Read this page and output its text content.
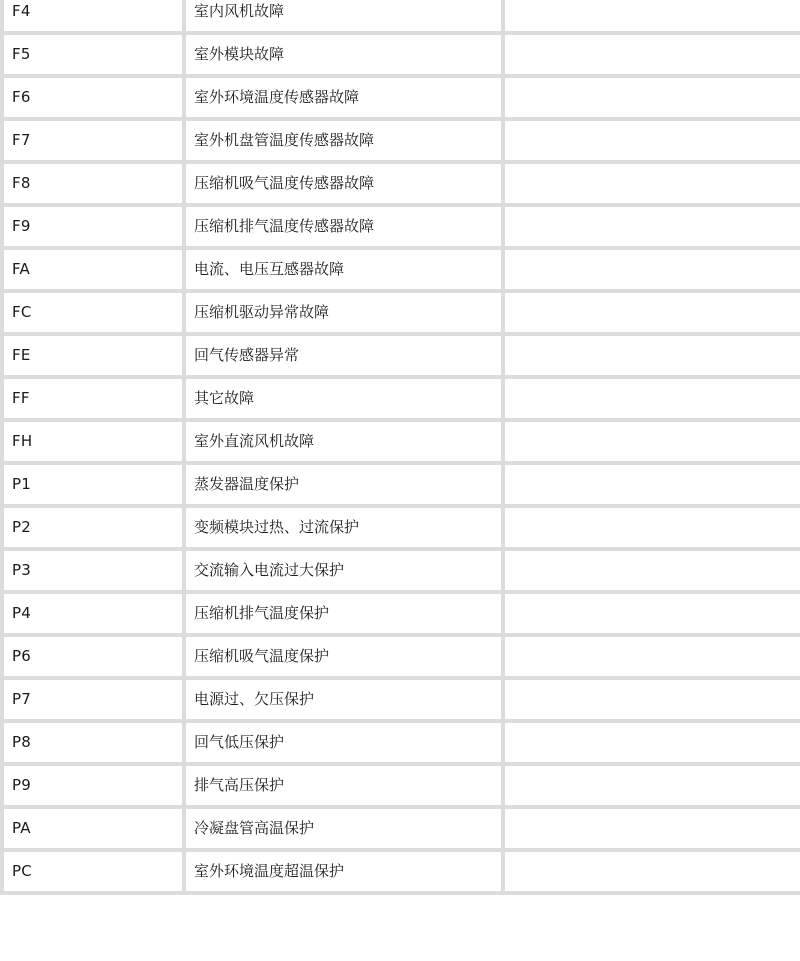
F4	室内风机故障	
F5	室外模块故障	
F6	室外环境温度传感器故障	
F7	室外机盘管温度传感器故障	
F8	压缩机吸气温度传感器故障	
F9	压缩机排气温度传感器故障	
FA	电流、电压互感器故障	
FC	压缩机驱动异常故障	
FE	回气传感器异常	
FF	其它故障	
FH	室外直流风机故障	
P1	蒸发器温度保护	
P2	变频模块过热、过流保护	
P3	交流输入电流过大保护	
P4	压缩机排气温度保护	
P6	压缩机吸气温度保护	
P7	电源过、欠压保护	
P8	回气低压保护	
P9	排气高压保护	
PA	冷凝盘管高温保护	
PC	室外环境温度超温保护	
